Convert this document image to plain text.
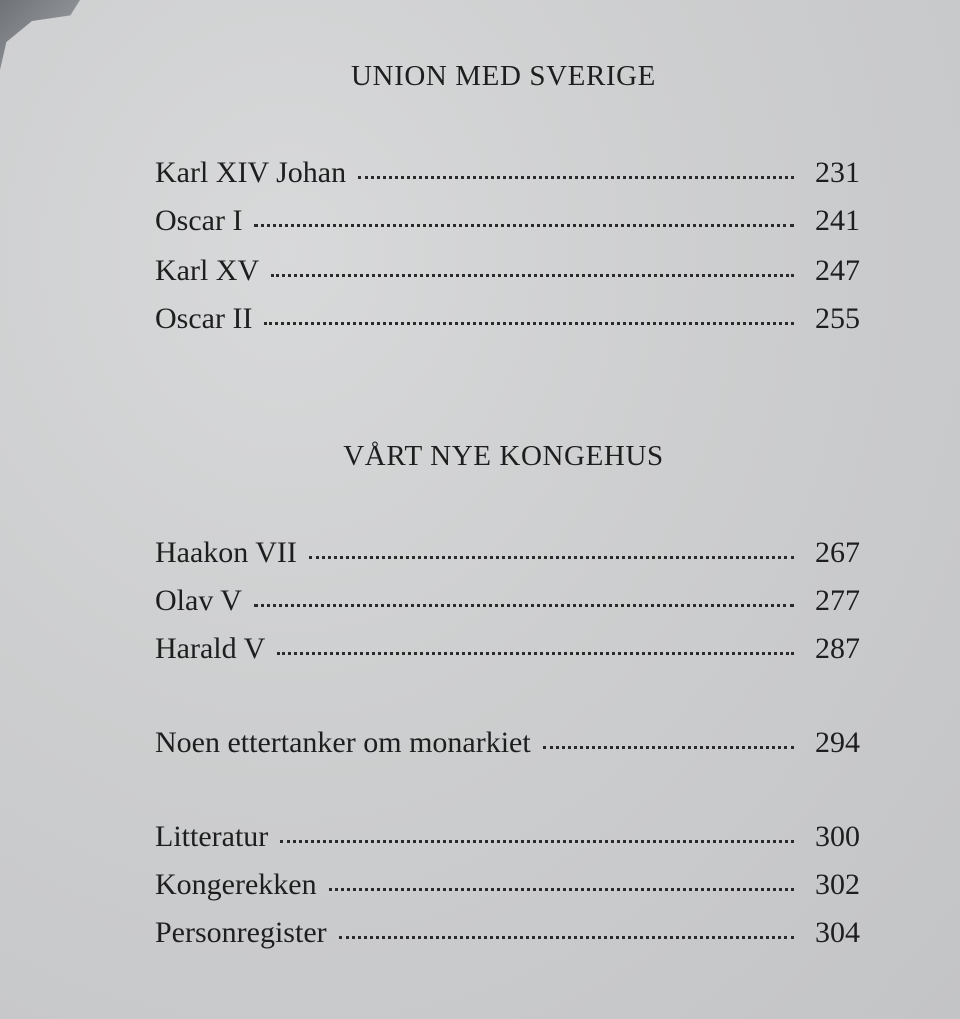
UNION MED SVERIGE
Karl XIV Johan	231
Oscar I	241
Karl XV	247
Oscar II	255
VÅRT NYE KONGEHUS
Haakon VII	267
Olav V	277
Harald V	287
Noen ettertanker om monarkiet	294
Litteratur	300
Kongerekken	302
Personregister	304
